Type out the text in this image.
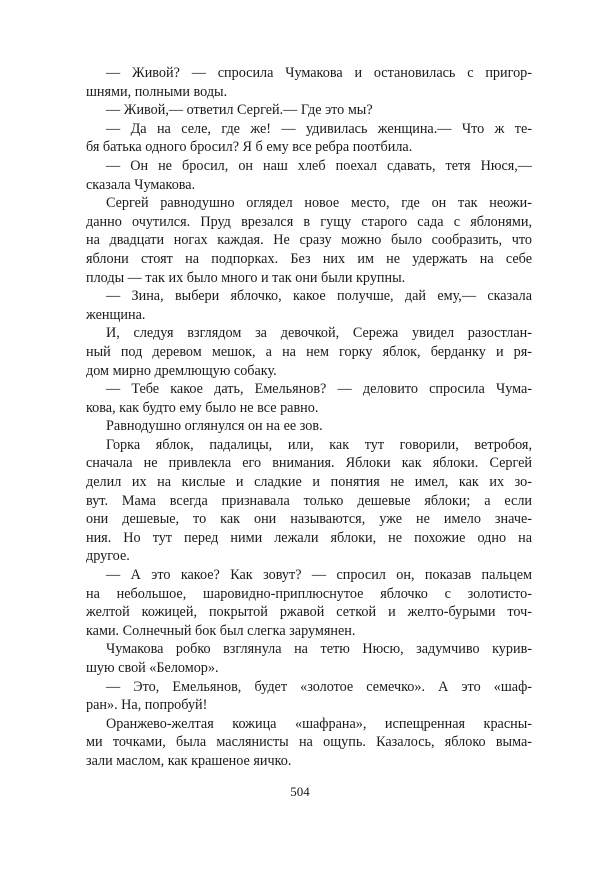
— Живой? — спросила Чумакова и остановилась с пригор-
шнями, полными воды.
— Живой,— ответил Сергей.— Где это мы?
— Да на селе, где же! — удивилась женщина.— Что ж те-
бя батька одного бросил? Я б ему все ребра поотбила.
— Он не бросил, он наш хлеб поехал сдавать, тетя Нюся,—
сказала Чумакова.
Сергей равнодушно оглядел новое место, где он так неожи-
данно очутился. Пруд врезался в гущу старого сада с яблонями,
на двадцати ногах каждая. Не сразу можно было сообразить, что
яблони стоят на подпорках. Без них им не удержать на себе
плоды — так их было много и так они были крупны.
— Зина, выбери яблочко, какое получше, дай ему,— сказала
женщина.
И, следуя взглядом за девочкой, Сережа увидел разостлан-
ный под деревом мешок, а на нем горку яблок, берданку и ря-
дом мирно дремлющую собаку.
— Тебе какое дать, Емельянов? — деловито спросила Чума-
кова, как будто ему было не все равно.
Равнодушно оглянулся он на ее зов.
Горка яблок, падалицы, или, как тут говорили, ветробоя,
сначала не привлекла его внимания. Яблоки как яблоки. Сергей
делил их на кислые и сладкие и понятия не имел, как их зо-
вут. Мама всегда признавала только дешевые яблоки; а если
они дешевые, то как они называются, уже не имело значе-
ния. Но тут перед ними лежали яблоки, не похожие одно на
другое.
— А это какое? Как зовут? — спросил он, показав пальцем
на небольшое, шаровидно-приплюснутое яблочко с золотисто-
желтой кожицей, покрытой ржавой сеткой и желто-бурыми точ-
ками. Солнечный бок был слегка зарумянен.
Чумакова робко взглянула на тетю Нюсю, задумчиво курив-
шую свой «Беломор».
— Это, Емельянов, будет «золотое семечко». А это «шаф-
ран». На, попробуй!
Оранжево-желтая кожица «шафрана», испещренная красны-
ми точками, была маслянисты на ощупь. Казалось, яблоко выма-
зали маслом, как крашеное яичко.
504
